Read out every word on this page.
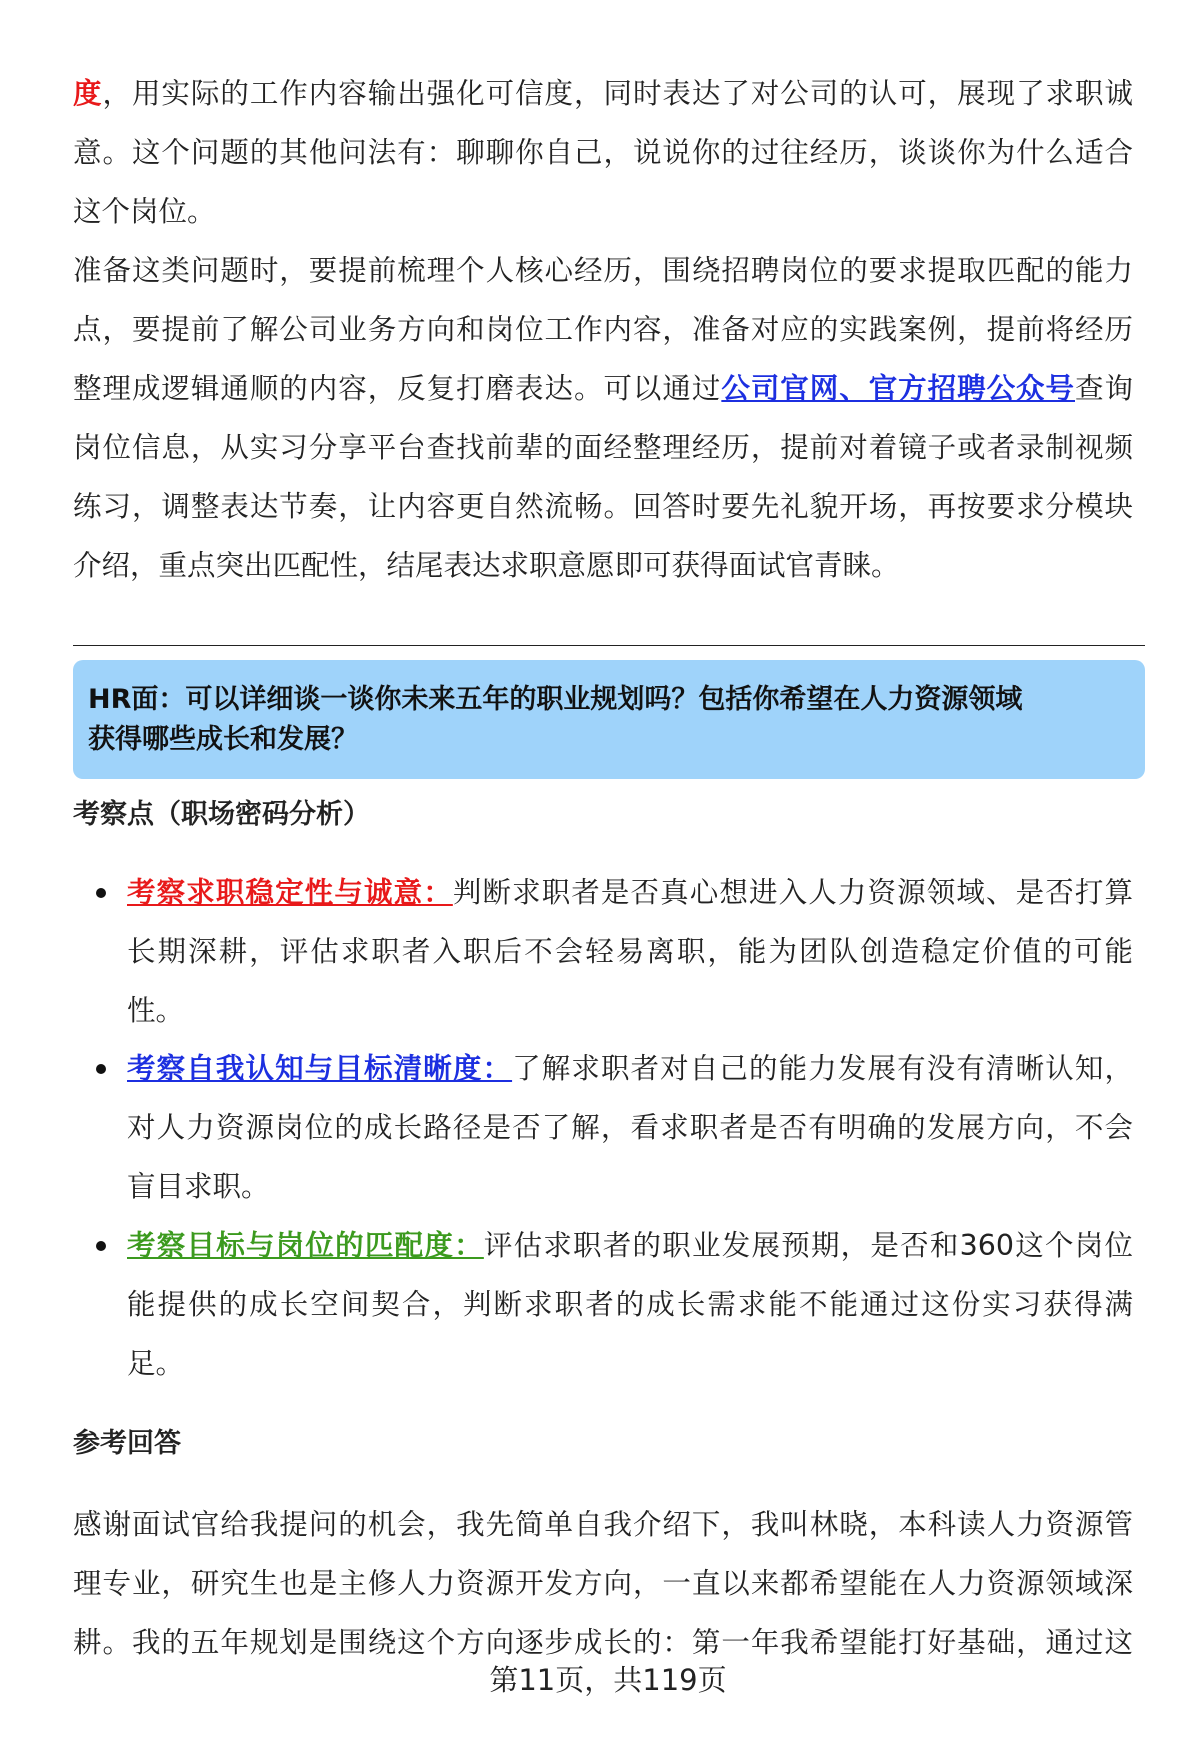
度，用实际的工作内容输出强化可信度，同时表达了对公司的认可，展现了求职诚
意。这个问题的其他问法有：聊聊你自己，说说你的过往经历，谈谈你为什么适合
这个岗位。
准备这类问题时，要提前梳理个人核心经历，围绕招聘岗位的要求提取匹配的能力
点，要提前了解公司业务方向和岗位工作内容，准备对应的实践案例，提前将经历
整理成逻辑通顺的内容，反复打磨表达。可以通过公司官网、官方招聘公众号查询
岗位信息，从实习分享平台查找前辈的面经整理经历，提前对着镜子或者录制视频
练习，调整表达节奏，让内容更自然流畅。回答时要先礼貌开场，再按要求分模块
介绍，重点突出匹配性，结尾表达求职意愿即可获得面试官青睐。
HR面：可以详细谈一谈你未来五年的职业规划吗？包括你希望在人力资源领域
获得哪些成长和发展？
考察点（职场密码分析）
考察求职稳定性与诚意：判断求职者是否真心想进入人力资源领域、是否打算
长期深耕，评估求职者入职后不会轻易离职，能为团队创造稳定价值的可能
性。
考察自我认知与目标清晰度：了解求职者对自己的能力发展有没有清晰认知，
对人力资源岗位的成长路径是否了解，看求职者是否有明确的发展方向，不会
盲目求职。
考察目标与岗位的匹配度：评估求职者的职业发展预期，是否和360这个岗位
能提供的成长空间契合，判断求职者的成长需求能不能通过这份实习获得满
足。
参考回答
感谢面试官给我提问的机会，我先简单自我介绍下，我叫林晓，本科读人力资源管
理专业，研究生也是主修人力资源开发方向，一直以来都希望能在人力资源领域深
耕。我的五年规划是围绕这个方向逐步成长的：第一年我希望能打好基础，通过这
第11页，共119页
